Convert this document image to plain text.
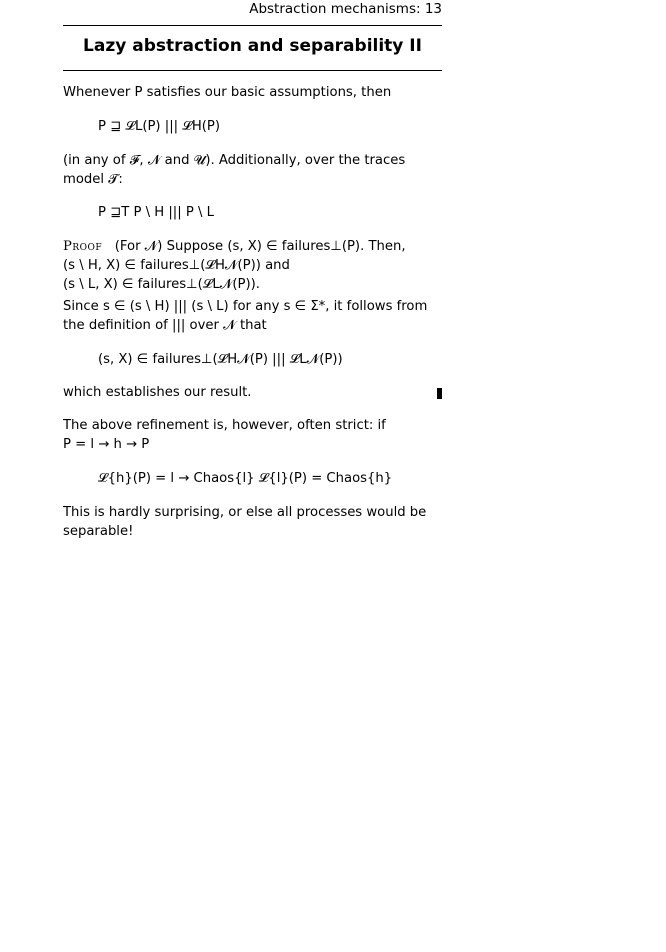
Abstraction mechanisms: 13
Lazy abstraction and separability II
Whenever P satisfies our basic assumptions, then
P ⊒ 𝓛L(P) ||| 𝓛H(P)
(in any of 𝓕, 𝓝 and 𝓤). Additionally, over the traces model 𝓣:
P ⊒T P \ H ||| P \ L
Proof (For 𝓝) Suppose (s, X) ∈ failures⊥(P). Then,
(s \ H, X) ∈ failures⊥(𝓛H𝓝(P)) and
(s \ L, X) ∈ failures⊥(𝓛L𝓝(P)).
Since s ∈ (s \ H) ||| (s \ L) for any s ∈ Σ*, it follows from
the definition of ||| over 𝓝 that
(s, X) ∈ failures⊥(𝓛H𝓝(P) ||| 𝓛L𝓝(P))
which establishes our result.
The above refinement is, however, often strict: if
P = l → h → P
𝓛{h}(P) = l → Chaos{l} 𝓛{l}(P) = Chaos{h}
This is hardly surprising, or else all processes would be
separable!
